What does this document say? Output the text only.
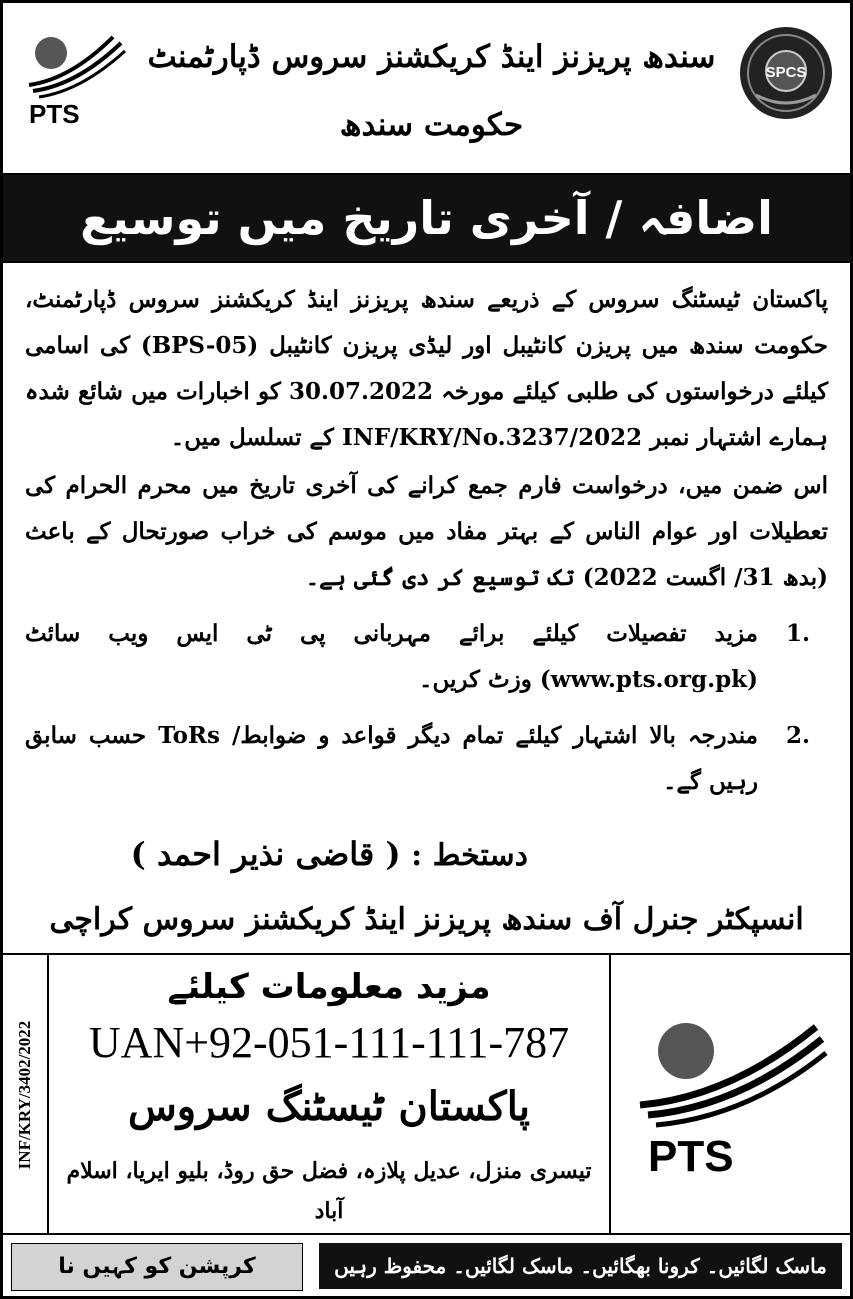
PTS
سندھ پریزنز اینڈ کریکشنز سروس ڈپارٹمنٹ
حکومت سندھ
SPCS
اضافہ / آخری تاریخ میں توسیع

پاکستان ٹیسٹنگ سروس کے ذریعے سندھ پریزنز اینڈ کریکشنز سروس ڈپارٹمنٹ، حکومت سندھ میں پریزن کانٹیبل اور لیڈی پریزن کانٹیبل (BPS-05) کی اسامی کیلئے درخواستوں کی طلبی کیلئے مورخہ 30.07.2022 کو اخبارات میں شائع شدہ ہمارے اشتہار نمبر INF/KRY/No.3237/2022 کے تسلسل میں۔

اس ضمن میں، درخواست فارم جمع کرانے کی آخری تاریخ میں محرم الحرام کی تعطیلات اور عوام الناس کے بہتر مفاد میں موسم کی خراب صورتحال کے باعث (بدھ 31/ اگست 2022) تک توسیع کر دی گئی ہے۔

1.

مزید تفصیلات کیلئے برائے مہربانی پی ٹی ایس ویب سائٹ (www.pts.org.pk) وزٹ کریں۔

2.

مندرجہ بالا اشتہار کیلئے تمام دیگر قواعد و ضوابط/ ToRs حسب سابق رہیں گے۔

دستخط : ( قاضی نذیر احمد )
انسپکٹر جنرل آف سندھ پریزنز اینڈ کریکشنز سروس کراچی
INF/KRY/3402/2022
مزید معلومات کیلئے
UAN+92-051-111-111-787
پاکستان ٹیسٹنگ سروس
تیسری منزل، عدیل پلازہ، فضل حق روڈ، بلیو ایریا، اسلام آباد
PTS
کرپشن کو کہیں نا	ماسک لگائیں۔ کرونا بھگائیں۔ ماسک لگائیں۔ محفوظ رہیں
